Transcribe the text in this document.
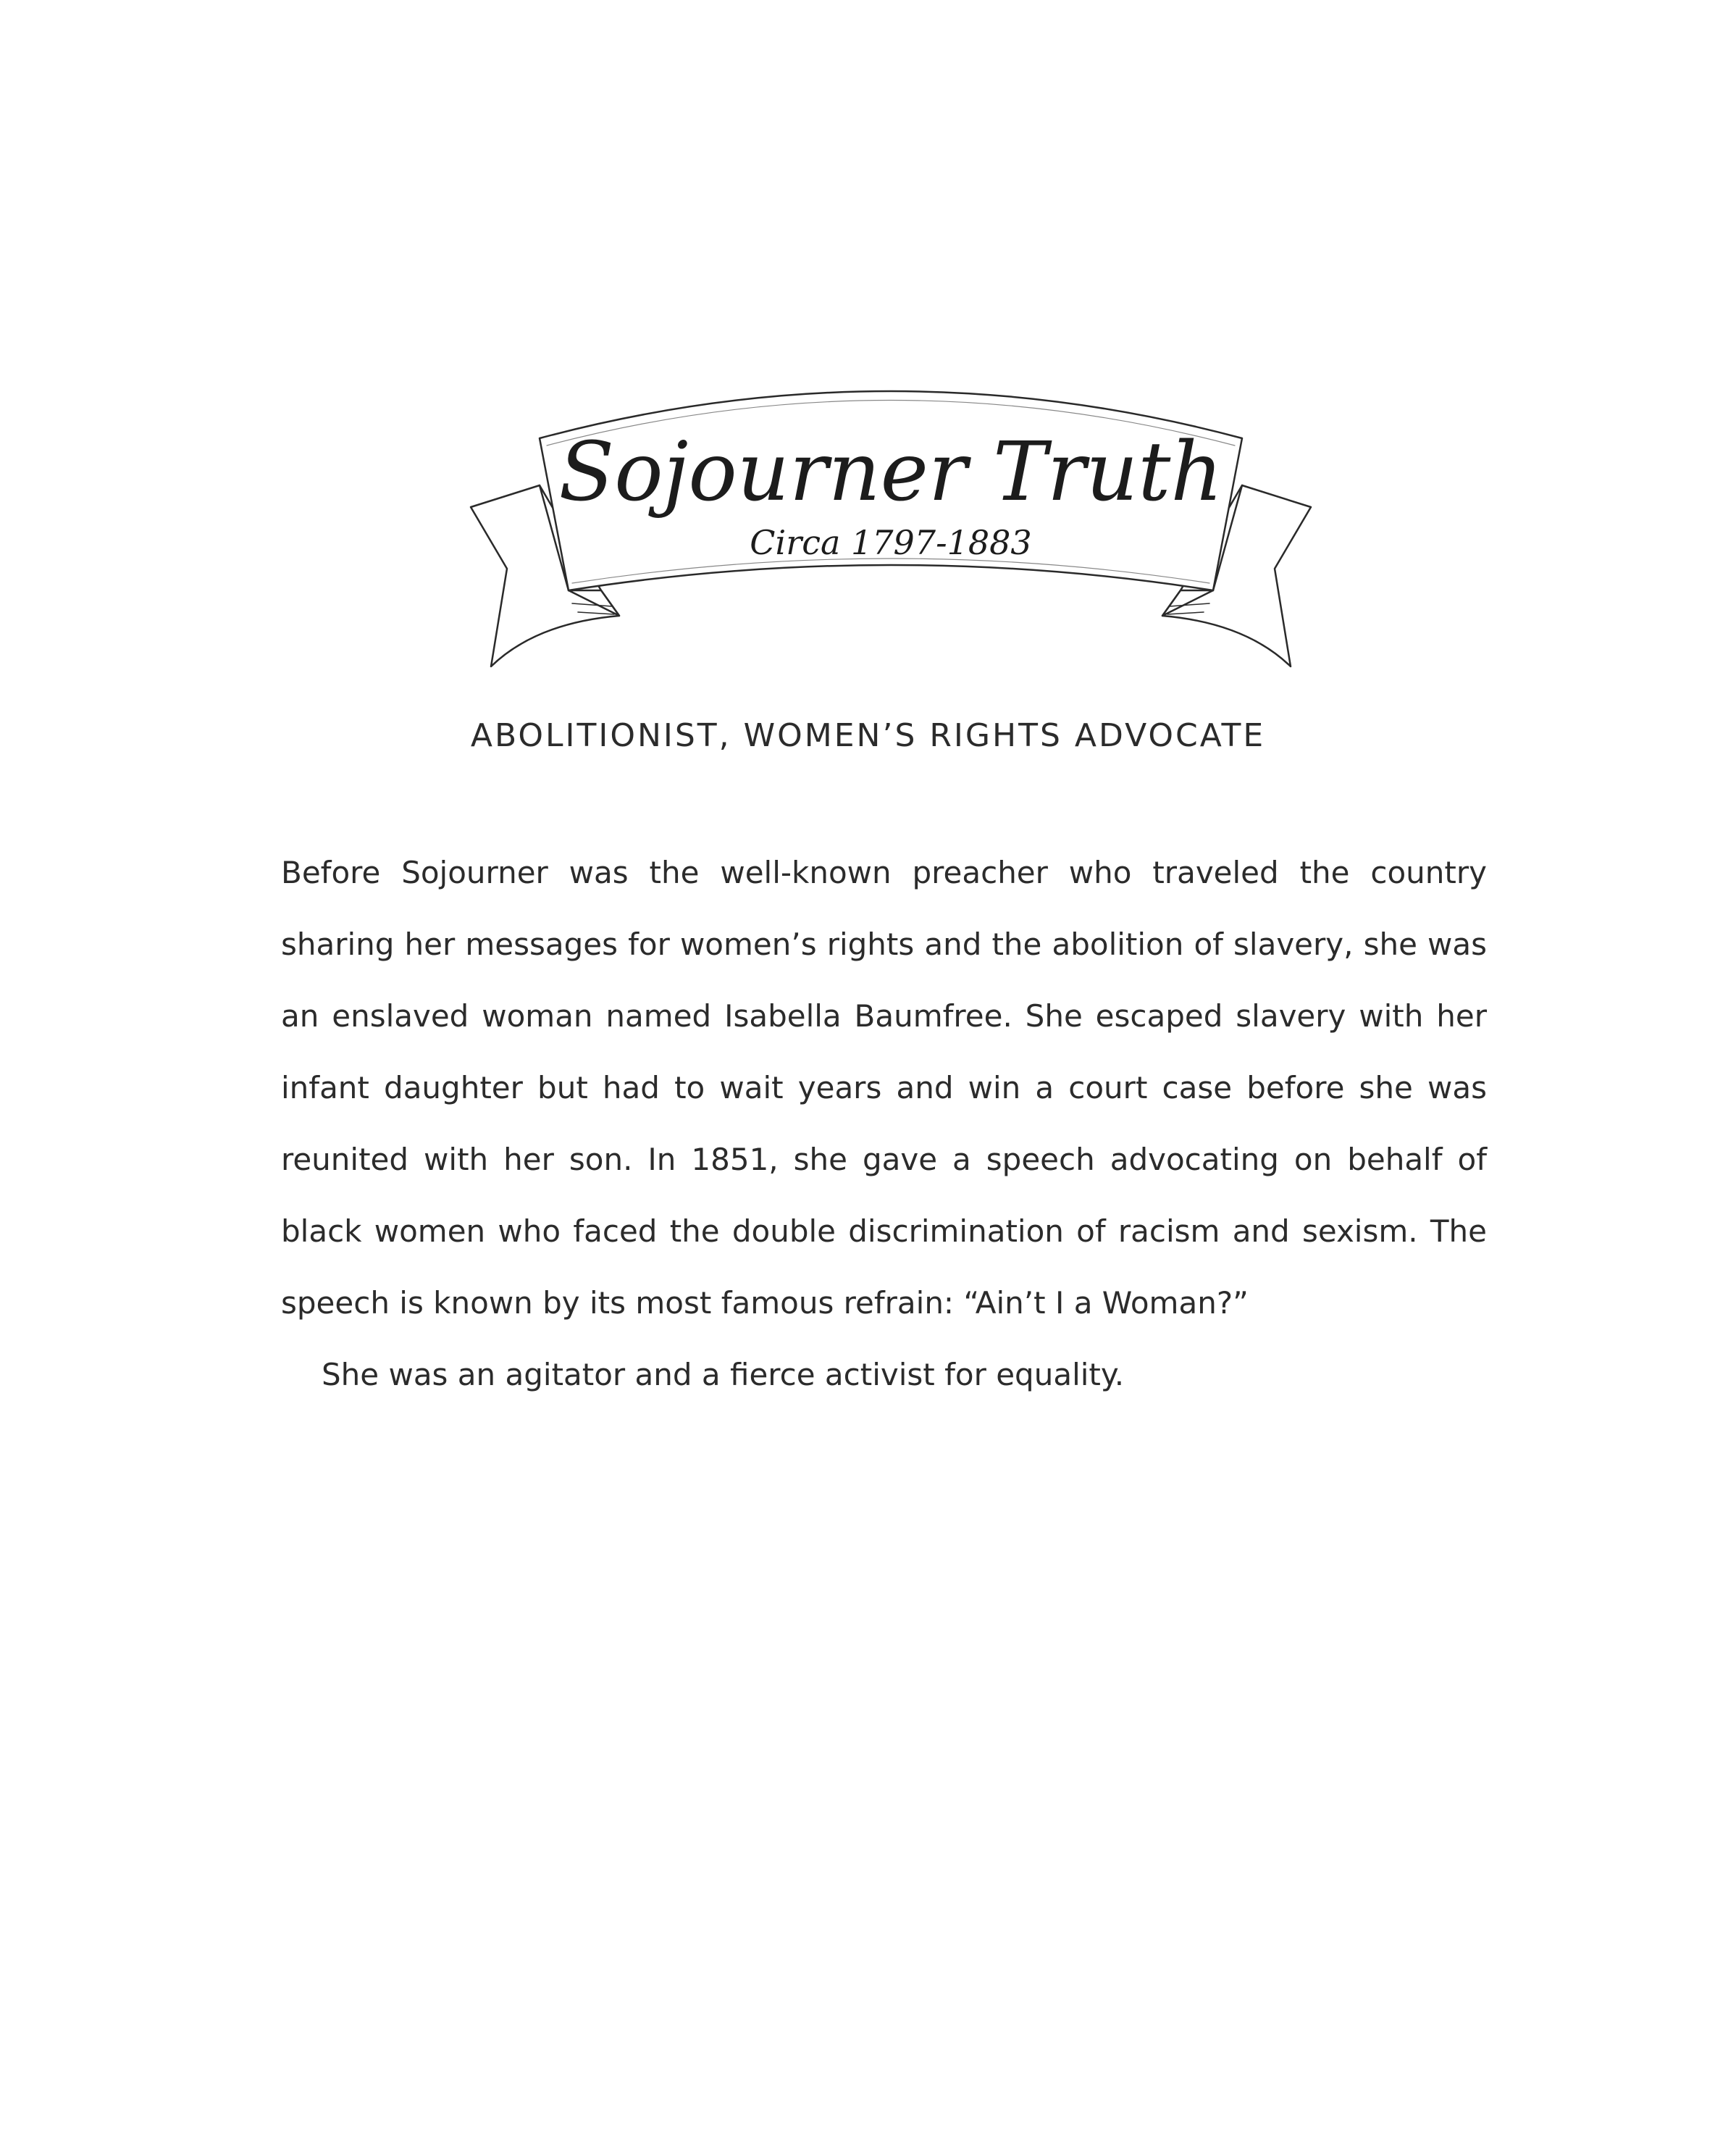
Sojourner Truth
Circa 1797-1883
ABOLITIONIST, WOMEN’S RIGHTS ADVOCATE

Before Sojourner was the well-known preacher who traveled the country sharing her messages for women’s rights and the abolition of slavery, she was an enslaved woman named Isabella Baumfree. She escaped slavery with her infant daughter but had to wait years and win a court case before she was reunited with her son. In 1851, she gave a speech advocating on behalf of black women who faced the double discrimination of racism and sexism. The speech is known by its most famous refrain: “Ain’t I a Woman?”

She was an agitator and a fierce activist for equality.
